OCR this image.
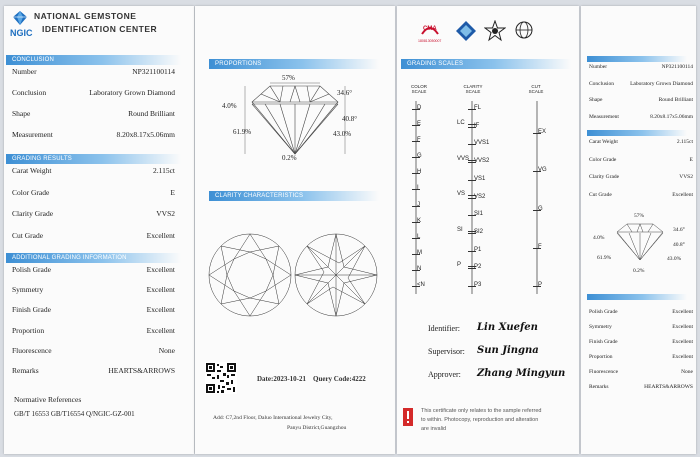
NGIC
NATIONAL GEMSTONE
IDENTIFICATION CENTER
CONCLUSION
Number	NP321100114
Conclusion	Laboratory Grown Diamond
Shape	Round Brilliant
Measurement	8.20x8.17x5.06mm
GRADING RESULTS
Carat Weight	2.115ct
Color Grade	E
Clarity Grade	VVS2
Cut Grade	Excellent
ADDITIONAL GRADING INFORMATION
Polish Grade	Excellent
Symmetry	Excellent
Finish Grade	Excellent
Proportion	Excellent
Fluorescence	None
Remarks	HEARTS&ARROWS
Normative References
GB/T 16553 GB/T16554 Q/NGIC-GZ-001
PROPORTIONS
57%
34.6°
4.0%
40.8°
61.9%	43.0%
0.2%
CLARITY CHARACTERISTICS
Date:2023-10-21 Query Code:4222
Add: C7,2nd Floor, Daluo International Jewelry City,
Panyu District,Guangzhou
CMA
180813050007
GRADING SCALES
COLOR SCALE
CLARITY SCALE
CUT SCALE
D
E
F
G
H
I
J
K
L
M
N
<N
FL
IF
VVS1
VVS2
VS1
VS2
SI1
SI2
P1
P2
P3
LC
VVS
VS
SI
P
EX
VG
G
F
P
Identifier: Lin Xuefen
Supervisor: Sun Jingna
Approver: Zhang Mingyun
This certificate only relates to the sample referred
to within. Photocopy, reproduction and alteration
are invalid
Number	NP321100114
Conclusion	Laboratory Grown Diamond
Shape	Round Brilliant
Measurement	8.20x8.17x5.06mm
Carat Weight	2.115ct
Color Grade	E
Clarity Grade	VVS2
Cut Grade	Excellent
57%
34.6°
4.0%
40.8°
61.9%	43.0%
0.2%
Polish Grade	Excellent
Symmetry	Excellent
Finish Grade	Excellent
Proportion	Excellent
Fluorescence	None
Remarks	HEARTS&ARROWS
